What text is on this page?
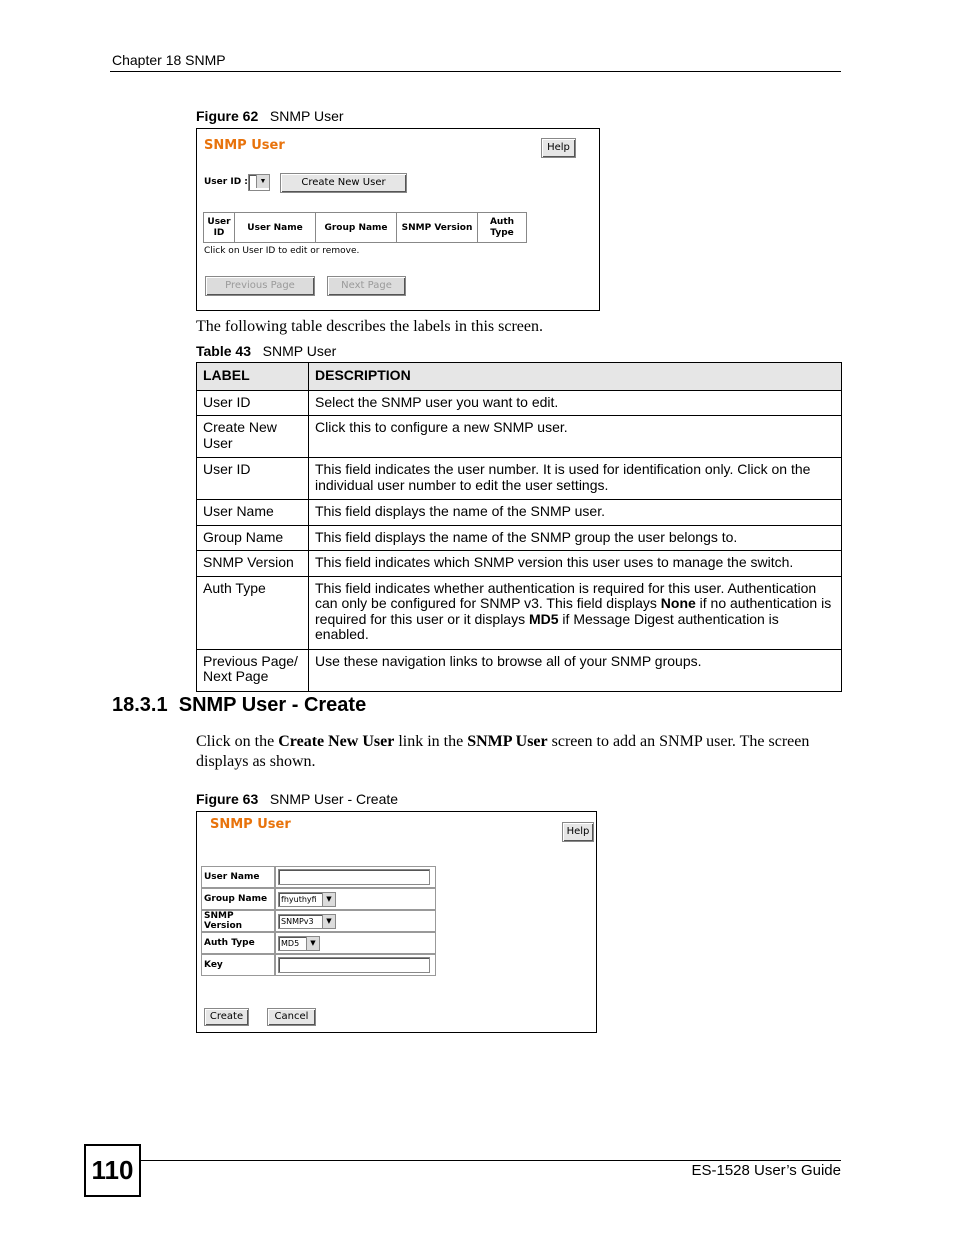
Chapter 18 SNMP
Figure 62 SNMP User
SNMP User	Help
User ID :	▼	Create New User
User ID	User Name	Group Name	SNMP Version	Auth Type
Click on User ID to edit or remove.
Previous Page	Next Page
The following table describes the labels in this screen.
Table 43 SNMP User
LABEL	DESCRIPTION
User ID	Select the SNMP user you want to edit.
Create New User	Click this to configure a new SNMP user.
User ID	This field indicates the user number. It is used for identification only. Click on the individual user number to edit the user settings.
User Name	This field displays the name of the SNMP user.
Group Name	This field displays the name of the SNMP group the user belongs to.
SNMP Version	This field indicates which SNMP version this user uses to manage the switch.
Auth Type	This field indicates whether authentication is required for this user. Authentication can only be configured for SNMP v3. This field displays None if no authentication is required for this user or it displays MD5 if Message Digest authentication is enabled.
Previous Page/ Next Page	Use these navigation links to browse all of your SNMP groups.
18.3.1 SNMP User - Create
Click on the Create New User link in the SNMP User screen to add an SNMP user. The screen displays as shown.
Figure 63 SNMP User - Create
SNMP User	Help
User Name	
Group Name	fhyuthyfi ▼

SNMP Version	SNMPv3 ▼

Auth Type	MD5 ▼

Key	
Create	Cancel
110	ES-1528 User’s Guide
